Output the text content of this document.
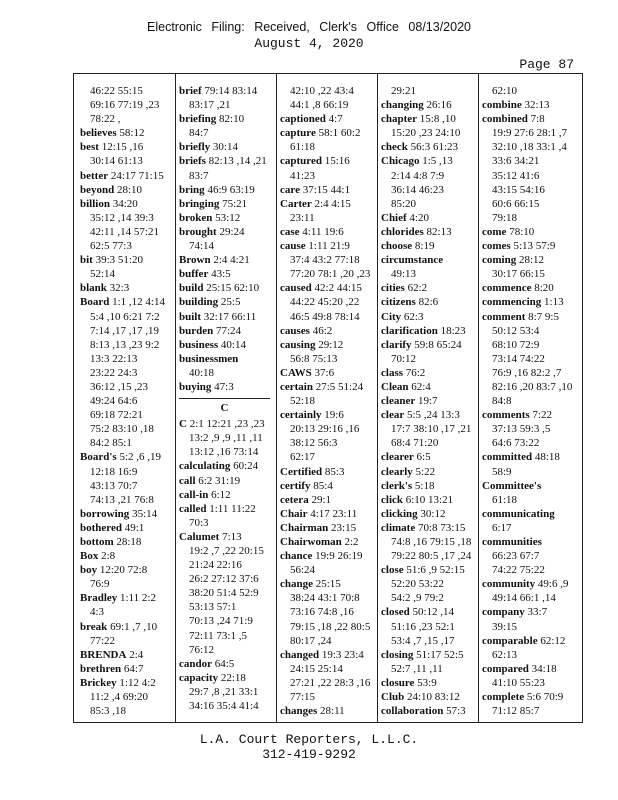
Electronic Filing: Received, Clerk's Office 08/13/2020
August 4, 2020
Page 87
46:22 55:15
69:16 77:19 ,23
78:22 ,
believes 58:12
best 12:15 ,16
30:14 61:13
better 24:17 71:15
beyond 28:10
billion 34:20
35:12 ,14 39:3
42:11 ,14 57:21
62:5 77:3
bit 39:3 51:20
52:14
blank 32:3
Board 1:1 ,12 4:14
5:4 ,10 6:21 7:2
7:14 ,17 ,17 ,19
8:13 ,13 ,23 9:2
13:3 22:13
23:22 24:3
36:12 ,15 ,23
49:24 64:6
69:18 72:21
75:2 83:10 ,18
84:2 85:1
Board's 5:2 ,6 ,19
12:18 16:9
43:13 70:7
74:13 ,21 76:8
borrowing 35:14
bothered 49:1
bottom 28:18
Box 2:8
boy 12:20 72:8
76:9
Bradley 1:11 2:2
4:3
break 69:1 ,7 ,10
77:22
BRENDA 2:4
brethren 64:7
Brickey 1:12 4:2
11:2 ,4 69:20
85:3 ,18
brief 79:14 83:14
83:17 ,21
briefing 82:10
84:7
briefly 30:14
briefs 82:13 ,14 ,21
83:7
bring 46:9 63:19
bringing 75:21
broken 53:12
brought 29:24
74:14
Brown 2:4 4:21
buffer 43:5
build 25:15 62:10
building 25:5
built 32:17 66:11
burden 77:24
business 40:14
businessmen
40:18
buying 47:3
C
C 2:1 12:21 ,23 ,23
13:2 ,9 ,9 ,11 ,11
13:12 ,16 73:14
calculating 60:24
call 6:2 31:19
call-in 6:12
called 1:11 11:22
70:3
Calumet 7:13
19:2 ,7 ,22 20:15
21:24 22:16
26:2 27:12 37:6
38:20 51:4 52:9
53:13 57:1
70:13 ,24 71:9
72:11 73:1 ,5
76:12
candor 64:5
capacity 22:18
29:7 ,8 ,21 33:1
34:16 35:4 41:4
42:10 ,22 43:4
44:1 ,8 66:19
captioned 4:7
capture 58:1 60:2
61:18
captured 15:16
41:23
care 37:15 44:1
Carter 2:4 4:15
23:11
case 4:11 19:6
cause 1:11 21:9
37:4 43:2 77:18
77:20 78:1 ,20 ,23
caused 42:2 44:15
44:22 45:20 ,22
46:5 49:8 78:14
causes 46:2
causing 29:12
56:8 75:13
CAWS 37:6
certain 27:5 51:24
52:18
certainly 19:6
20:13 29:16 ,16
38:12 56:3
62:17
Certified 85:3
certify 85:4
cetera 29:1
Chair 4:17 23:11
Chairman 23:15
Chairwoman 2:2
chance 19:9 26:19
56:24
change 25:15
38:24 43:1 70:8
73:16 74:8 ,16
79:15 ,18 ,22 80:5
80:17 ,24
changed 19:3 23:4
24:15 25:14
27:21 ,22 28:3 ,16
77:15
changes 28:11
29:21
changing 26:16
chapter 15:8 ,10
15:20 ,23 24:10
check 56:3 61:23
Chicago 1:5 ,13
2:14 4:8 7:9
36:14 46:23
85:20
Chief 4:20
chlorides 82:13
choose 8:19
circumstance
49:13
cities 62:2
citizens 82:6
City 62:3
clarification 18:23
clarify 59:8 65:24
70:12
class 76:2
Clean 62:4
cleaner 19:7
clear 5:5 ,24 13:3
17:7 38:10 ,17 ,21
68:4 71:20
clearer 6:5
clearly 5:22
clerk's 5:18
click 6:10 13:21
clicking 30:12
climate 70:8 73:15
74:8 ,16 79:15 ,18
79:22 80:5 ,17 ,24
close 51:6 ,9 52:15
52:20 53:22
54:2 ,9 79:2
closed 50:12 ,14
51:16 ,23 52:1
53:4 ,7 ,15 ,17
closing 51:17 52:5
52:7 ,11 ,11
closure 53:9
Club 24:10 83:12
collaboration 57:3
62:10
combine 32:13
combined 7:8
19:9 27:6 28:1 ,7
32:10 ,18 33:1 ,4
33:6 34:21
35:12 41:6
43:15 54:16
60:6 66:15
79:18
come 78:10
comes 5:13 57:9
coming 28:12
30:17 66:15
commence 8:20
commencing 1:13
comment 8:7 9:5
50:12 53:4
68:10 72:9
73:14 74:22
76:9 ,16 82:2 ,7
82:16 ,20 83:7 ,10
84:8
comments 7:22
37:13 59:3 ,5
64:6 73:22
committed 48:18
58:9
Committee's
61:18
communicating
6:17
communities
66:23 67:7
74:22 75:22
community 49:6 ,9
49:14 66:1 ,14
company 33:7
39:15
comparable 62:12
62:13
compared 34:18
41:10 55:23
complete 5:6 70:9
71:12 85:7
L.A. Court Reporters, L.L.C.
312-419-9292
